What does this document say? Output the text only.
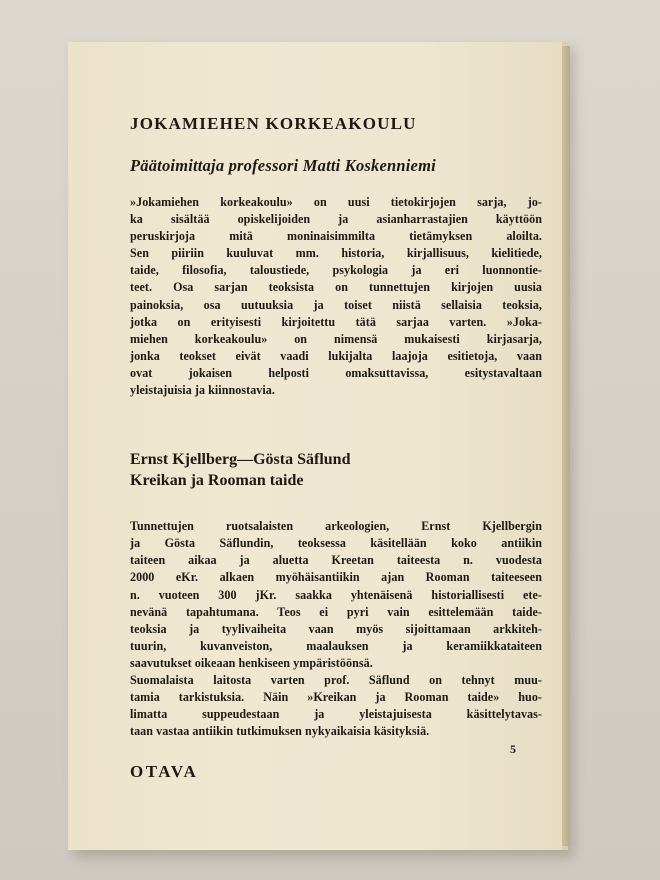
JOKAMIEHEN KORKEAKOULU
Päätoimittaja professori Matti Koskenniemi

»Jokamiehen korkeakoulu» on uusi tietokirjojen sarja, jo-
ka sisältää opiskelijoiden ja asianharrastajien käyttöön
peruskirjoja mitä moninaisimmilta tietämyksen aloilta.
Sen piiriin kuuluvat mm. historia, kirjallisuus, kielitiede,
taide, filosofia, taloustiede, psykologia ja eri luonnontie-
teet. Osa sarjan teoksista on tunnettujen kirjojen uusia
painoksia, osa uutuuksia ja toiset niistä sellaisia teoksia,
jotka on erityisesti kirjoitettu tätä sarjaa varten. »Joka-
miehen korkeakoulu» on nimensä mukaisesti kirjasarja,
jonka teokset eivät vaadi lukijalta laajoja esitietoja, vaan
ovat jokaisen helposti omaksuttavissa, esitystavaltaan
yleistajuisia ja kiinnostavia.

Ernst Kjellberg—Gösta Säflund
Kreikan ja Rooman taide

Tunnettujen ruotsalaisten arkeologien, Ernst Kjellbergin
ja Gösta Säflundin, teoksessa käsitellään koko antiikin
taiteen aikaa ja aluetta Kreetan taiteesta n. vuodesta
2000 eKr. alkaen myöhäisantiikin ajan Rooman taiteeseen
n. vuoteen 300 jKr. saakka yhtenäisenä historiallisesti ete-
nevänä tapahtumana. Teos ei pyri vain esittelemään taide-
teoksia ja tyylivaiheita vaan myös sijoittamaan arkkiteh-
tuurin, kuvanveiston, maalauksen ja keramiikkataiteen
saavutukset oikeaan henkiseen ympäristöönsä.
Suomalaista laitosta varten prof. Säflund on tehnyt muu-
tamia tarkistuksia. Näin »Kreikan ja Rooman taide» huo-
limatta suppeudestaan ja yleistajuisesta käsittelytavas-
taan vastaa antiikin tutkimuksen nykyaikaisia käsityksiä.

OTAVA
5
